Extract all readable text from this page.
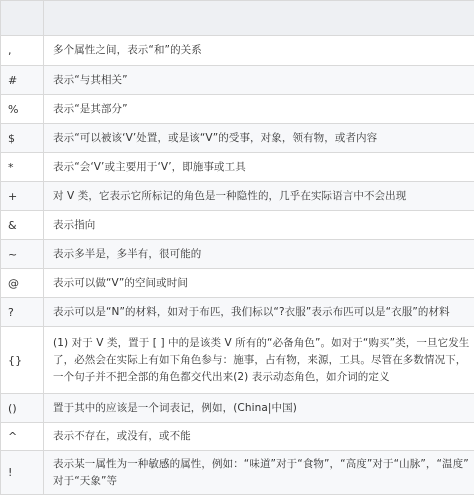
,	多个属性之间，表示“和”的关系
#	表示“与其相关”
%	表示“是其部分”
$	表示“可以被该‘V’处置，或是该“V”的受事，对象，领有物，或者内容
*	表示“会‘V’或主要用于‘V’，即施事或工具
+	对 V 类，它表示它所标记的角色是一种隐性的，几乎在实际语言中不会出现
&	表示指向
~	表示多半是，多半有，很可能的
@	表示可以做“V”的空间或时间
?	表示可以是“N”的材料，如对于布匹，我们标以“?衣服”表示布匹可以是“衣服”的材料
{}	(1) 对于 V 类，置于 [ ] 中的是该类 V 所有的“必备角色”。如对于“购买”类，一旦它发生了，必然会在实际上有如下角色参与：施事，占有物，来源，工具。尽管在多数情况下，一个句子并不把全部的角色都交代出来(2) 表示动态角色，如介词的定义
()	置于其中的应该是一个词表记，例如，(China|中国)
^	表示不存在，或没有，或不能
!	表示某一属性为一种敏感的属性，例如：“味道”对于“食物”，“高度”对于“山脉”，“温度” 对于“天象”等
